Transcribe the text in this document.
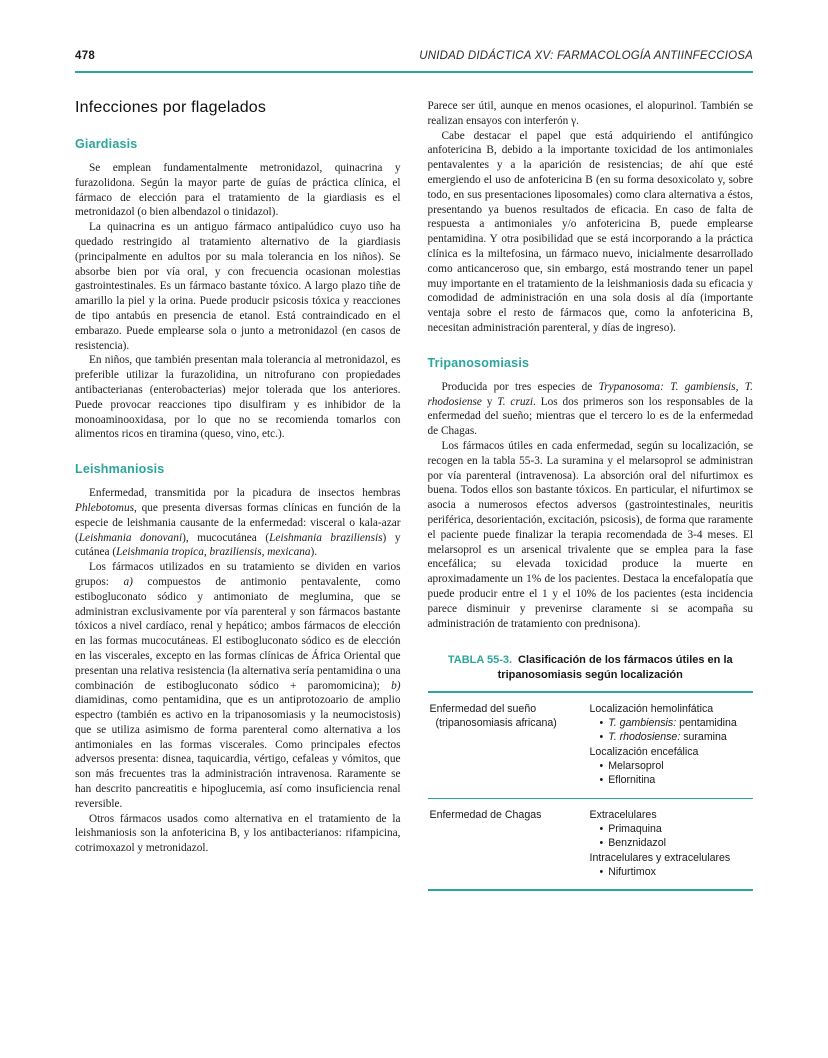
478	UNIDAD DIDÁCTICA XV: FARMACOLOGÍA ANTIINFECCIOSA
Infecciones por flagelados
Giardiasis

Se emplean fundamentalmente metronidazol, quinacrina y furazolidona. Según la mayor parte de guías de práctica clínica, el fármaco de elección para el tratamiento de la giardiasis es el metronidazol (o bien albendazol o tinidazol).

La quinacrina es un antiguo fármaco antipalúdico cuyo uso ha quedado restringido al tratamiento alternativo de la giardiasis (principalmente en adultos por su mala tolerancia en los niños). Se absorbe bien por vía oral, y con frecuencia ocasionan molestias gastrointestinales. Es un fármaco bastante tóxico. A largo plazo tiñe de amarillo la piel y la orina. Puede producir psicosis tóxica y reacciones de tipo antabús en presencia de etanol. Está contraindicado en el embarazo. Puede emplearse sola o junto a metronidazol (en casos de resistencia).

En niños, que también presentan mala tolerancia al metronidazol, es preferible utilizar la furazolidina, un nitrofurano con propiedades antibacterianas (enterobacterias) mejor tolerada que los anteriores. Puede provocar reacciones tipo disulfiram y es inhibidor de la monoaminooxidasa, por lo que no se recomienda tomarlos con alimentos ricos en tiramina (queso, vino, etc.).

Leishmaniosis

Enfermedad, transmitida por la picadura de insectos hembras Phlebotomus, que presenta diversas formas clínicas en función de la especie de leishmania causante de la enfermedad: visceral o kala-azar (Leishmania donovani), mucocutánea (Leishmania braziliensis) y cutánea (Leishmania tropica, braziliensis, mexicana).

Los fármacos utilizados en su tratamiento se dividen en varios grupos: a) compuestos de antimonio pentavalente, como estibogluconato sódico y antimoniato de meglumina, que se administran exclusivamente por vía parenteral y son fármacos bastante tóxicos a nivel cardíaco, renal y hepático; ambos fármacos de elección en las formas mucocutáneas. El estibogluconato sódico es de elección en las viscerales, excepto en las formas clínicas de África Oriental que presentan una relativa resistencia (la alternativa sería pentamidina o una combinación de estibogluconato sódico + paromomicina); b) diamidinas, como pentamidina, que es un antiprotozoario de amplio espectro (también es activo en la tripanosomiasis y la neumocistosis) que se utiliza asimismo de forma parenteral como alternativa a los antimoniales en las formas viscerales. Como principales efectos adversos presenta: disnea, taquicardia, vértigo, cefaleas y vómitos, que son más frecuentes tras la administración intravenosa. Raramente se han descrito pancreatitis e hipoglucemia, así como insuficiencia renal reversible.

Otros fármacos usados como alternativa en el tratamiento de la leishmaniosis son la anfotericina B, y los antibacterianos: rifampicina, cotrimoxazol y metronidazol.

Parece ser útil, aunque en menos ocasiones, el alopurinol. También se realizan ensayos con interferón γ.

Cabe destacar el papel que está adquiriendo el antifúngico anfotericina B, debido a la importante toxicidad de los antimoniales pentavalentes y a la aparición de resistencias; de ahí que esté emergiendo el uso de anfotericina B (en su forma desoxicolato y, sobre todo, en sus presentaciones liposomales) como clara alternativa a éstos, presentando ya buenos resultados de eficacia. En caso de falta de respuesta a antimoniales y/o anfotericina B, puede emplearse pentamidina. Y otra posibilidad que se está incorporando a la práctica clínica es la miltefosina, un fármaco nuevo, inicialmente desarrollado como anticanceroso que, sin embargo, está mostrando tener un papel muy importante en el tratamiento de la leishmaniosis dada su eficacia y comodidad de administración en una sola dosis al día (importante ventaja sobre el resto de fármacos que, como la anfotericina B, necesitan administración parenteral, y días de ingreso).

Tripanosomiasis

Producida por tres especies de Trypanosoma: T. gambiensis, T. rhodosiense y T. cruzi. Los dos primeros son los responsables de la enfermedad del sueño; mientras que el tercero lo es de la enfermedad de Chagas.

Los fármacos útiles en cada enfermedad, según su localización, se recogen en la tabla 55-3. La suramina y el melarsoprol se administran por vía parenteral (intravenosa). La absorción oral del nifurtimox es buena. Todos ellos son bastante tóxicos. En particular, el nifurtimox se asocia a numerosos efectos adversos (gastrointestinales, neuritis periférica, desorientación, excitación, psicosis), de forma que raramente el paciente puede finalizar la terapia recomendada de 3-4 meses. El melarsoprol es un arsenical trivalente que se emplea para la fase encefálica; su elevada toxicidad produce la muerte en aproximadamente un 1% de los pacientes. Destaca la encefalopatía que puede producir entre el 1 y el 10% de los pacientes (esta incidencia parece disminuir y prevenirse claramente si se acompaña su administración de tratamiento con prednisona).

TABLA 55-3. Clasificación de los fármacos útiles en la tripanosomiasis según localización
Enfermedad del sueño
(tripanosomiasis africana)
Localización hemolinfática
• T. gambiensis: pentamidina
• T. rhodosiense: suramina
Localización encefálica
• Melarsoprol
• Eflornitina
Enfermedad de Chagas	Extracelulares
• Primaquina
• Benznidazol
Intracelulares y extracelulares
• Nifurtimox
